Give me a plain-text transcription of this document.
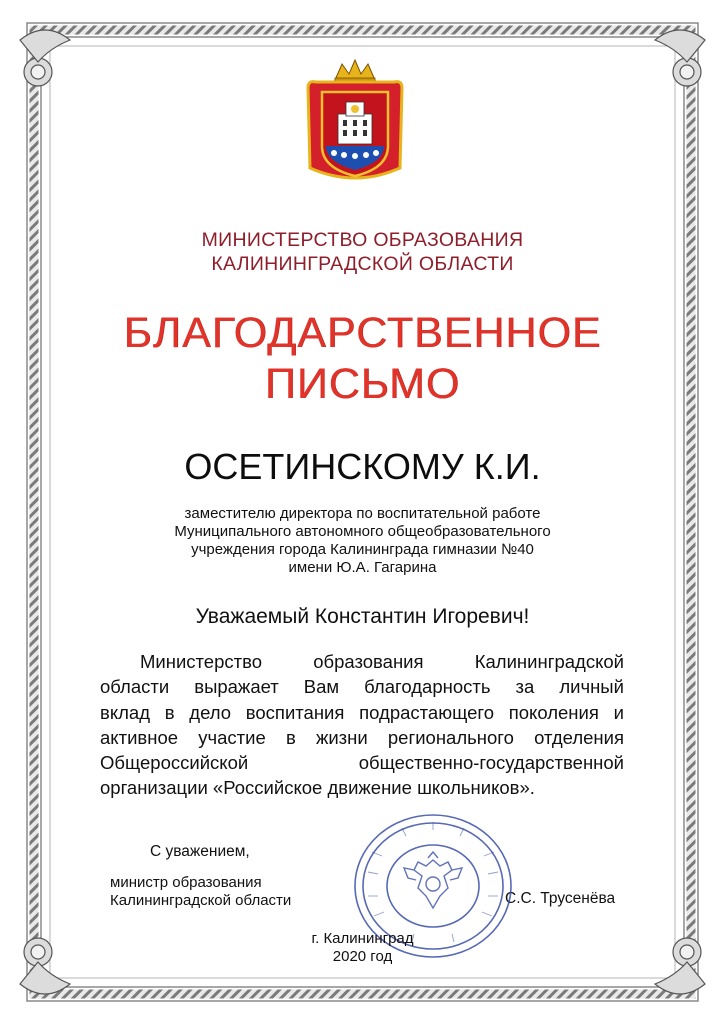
МИНИСТЕРСТВО ОБРАЗОВАНИЯ
КАЛИНИНГРАДСКОЙ ОБЛАСТИ
БЛАГОДАРСТВЕННОЕ
ПИСЬМО
ОСЕТИНСКОМУ К.И.
заместителю директора по воспитательной работе
Муниципального автономного общеобразовательного
учреждения города Калининграда гимназии №40
имени Ю.А. Гагарина
Уважаемый Константин Игоревич!
Министерство	образования	Калининградской
области выражает Вам благодарность за личный
вклад в дело воспитания подрастающего поколения и
активное участие в жизни регионального отделения
Общероссийской	общественно-государственной
организации «Российское движение школьников».
С уважением,
министр образования
Калининградской области	С.С. Трусенёва
г. Калининград
2020 год
